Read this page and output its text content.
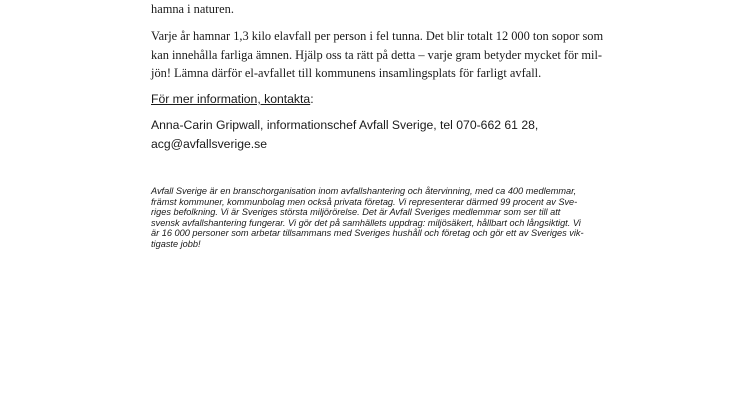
hamna i naturen.

Varje år hamnar 1,3 kilo elavfall per person i fel tunna. Det blir totalt 12 000 ton sopor som
kan innehålla farliga ämnen. Hjälp oss ta rätt på detta – varje gram betyder mycket för mil-
jön! Lämna därför el-avfallet till kommunens insamlingsplats för farligt avfall.

För mer information, kontakta:

Anna-Carin Gripwall, informationschef Avfall Sverige, tel 070-662 61 28,
acg@avfallsverige.se

Avfall Sverige är en branschorganisation inom avfallshantering och återvinning, med ca 400 medlemmar,
främst kommuner, kommunbolag men också privata företag. Vi representerar därmed 99 procent av Sve-
riges befolkning. Vi är Sveriges största miljörörelse. Det är Avfall Sveriges medlemmar som ser till att
svensk avfallshantering fungerar. Vi gör det på samhällets uppdrag: miljösäkert, hållbart och långsiktigt. Vi
är 16 000 personer som arbetar tillsammans med Sveriges hushåll och företag och gör ett av Sveriges vik-
tigaste jobb!
